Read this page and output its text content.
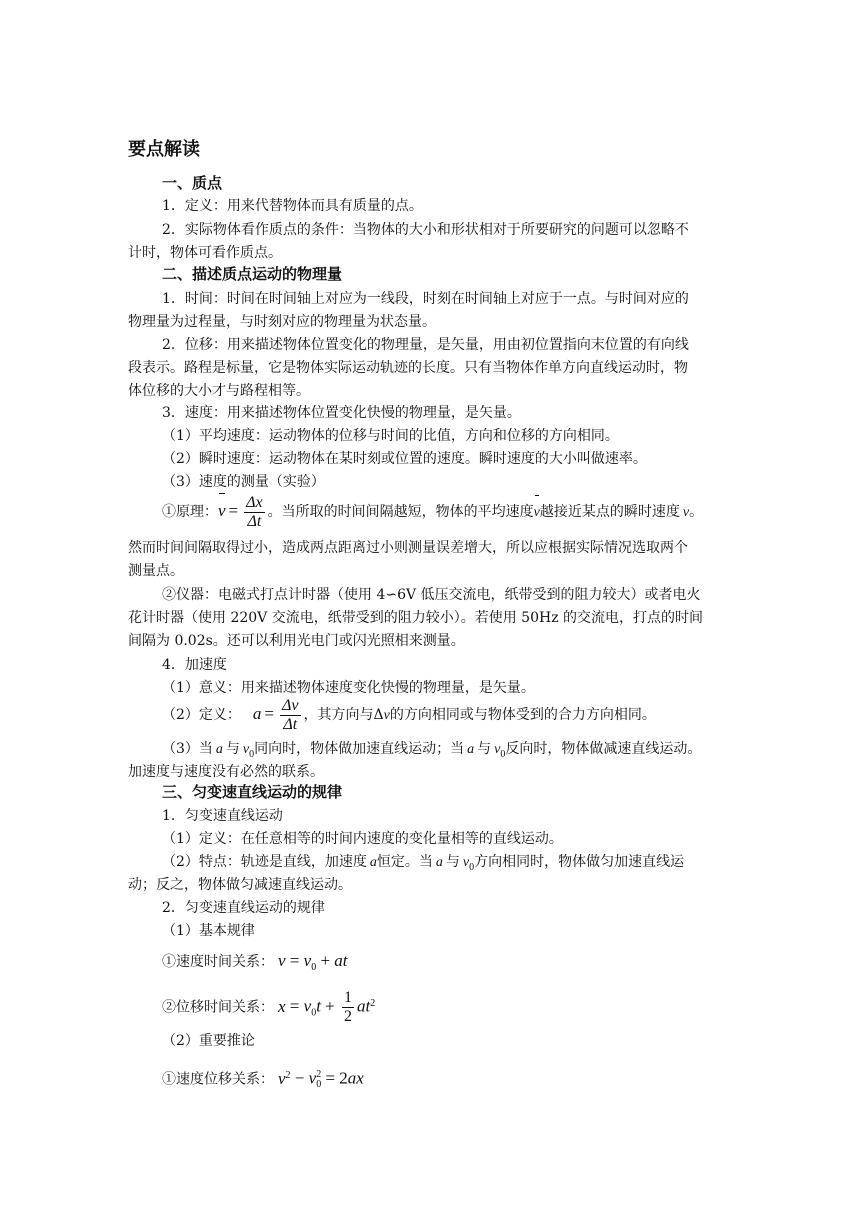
要点解读
一、质点
1．定义：用来代替物体而具有质量的点。
2．实际物体看作质点的条件：当物体的大小和形状相对于所要研究的问题可以忽略不
计时，物体可看作质点。
二、描述质点运动的物理量
1．时间：时间在时间轴上对应为一线段，时刻在时间轴上对应于一点。与时间对应的
物理量为过程量，与时刻对应的物理量为状态量。
2．位移：用来描述物体位置变化的物理量，是矢量，用由初位置指向末位置的有向线
段表示。路程是标量，它是物体实际运动轨迹的长度。只有当物体作单方向直线运动时，物
体位移的大小才与路程相等。
3．速度：用来描述物体位置变化快慢的物理量，是矢量。
（1）平均速度：运动物体的位移与时间的比值，方向和位移的方向相同。
（2）瞬时速度：运动物体在某时刻或位置的速度。瞬时速度的大小叫做速率。
（3）速度的测量（实验）
①原理：$v = \frac{\Delta x}{\Delta t}$ 。当所取的时间间隔越短，物体的平均速度v越接近某点的瞬时速度 v。
然而时间间隔取得过小，造成两点距离过小则测量误差增大，所以应根据实际情况选取两个
测量点。
②仪器：电磁式打点计时器（使用 4∽6V 低压交流电，纸带受到的阻力较大）或者电火
花计时器（使用 220V 交流电，纸带受到的阻力较小）。若使用 50Hz 的交流电，打点的时间
间隔为 0.02s。还可以利用光电门或闪光照相来测量。
4．加速度
（1）意义：用来描述物体速度变化快慢的物理量，是矢量。
（2）定义： $a = \frac{\Delta v}{\Delta t}$ ，其方向与Δv的方向相同或与物体受到的合力方向相同。
（3）当 a 与 $v_0$同向时，物体做加速直线运动；当 a 与 $v_0$反向时，物体做减速直线运动。
加速度与速度没有必然的联系。
三、匀变速直线运动的规律
1．匀变速直线运动
（1）定义：在任意相等的时间内速度的变化量相等的直线运动。
（2）特点：轨迹是直线，加速度 a恒定。当 a 与 $v_0$方向相同时，物体做匀加速直线运
动；反之，物体做匀减速直线运动。
2．匀变速直线运动的规律
（1）基本规律
①速度时间关系： $v = v_0$ + at
②位移时间关系： $x = v_0t + \frac{1}{2} at^2$
（2）重要推论
①速度位移关系： $v^2 - v$ 2
0 = 2ax
